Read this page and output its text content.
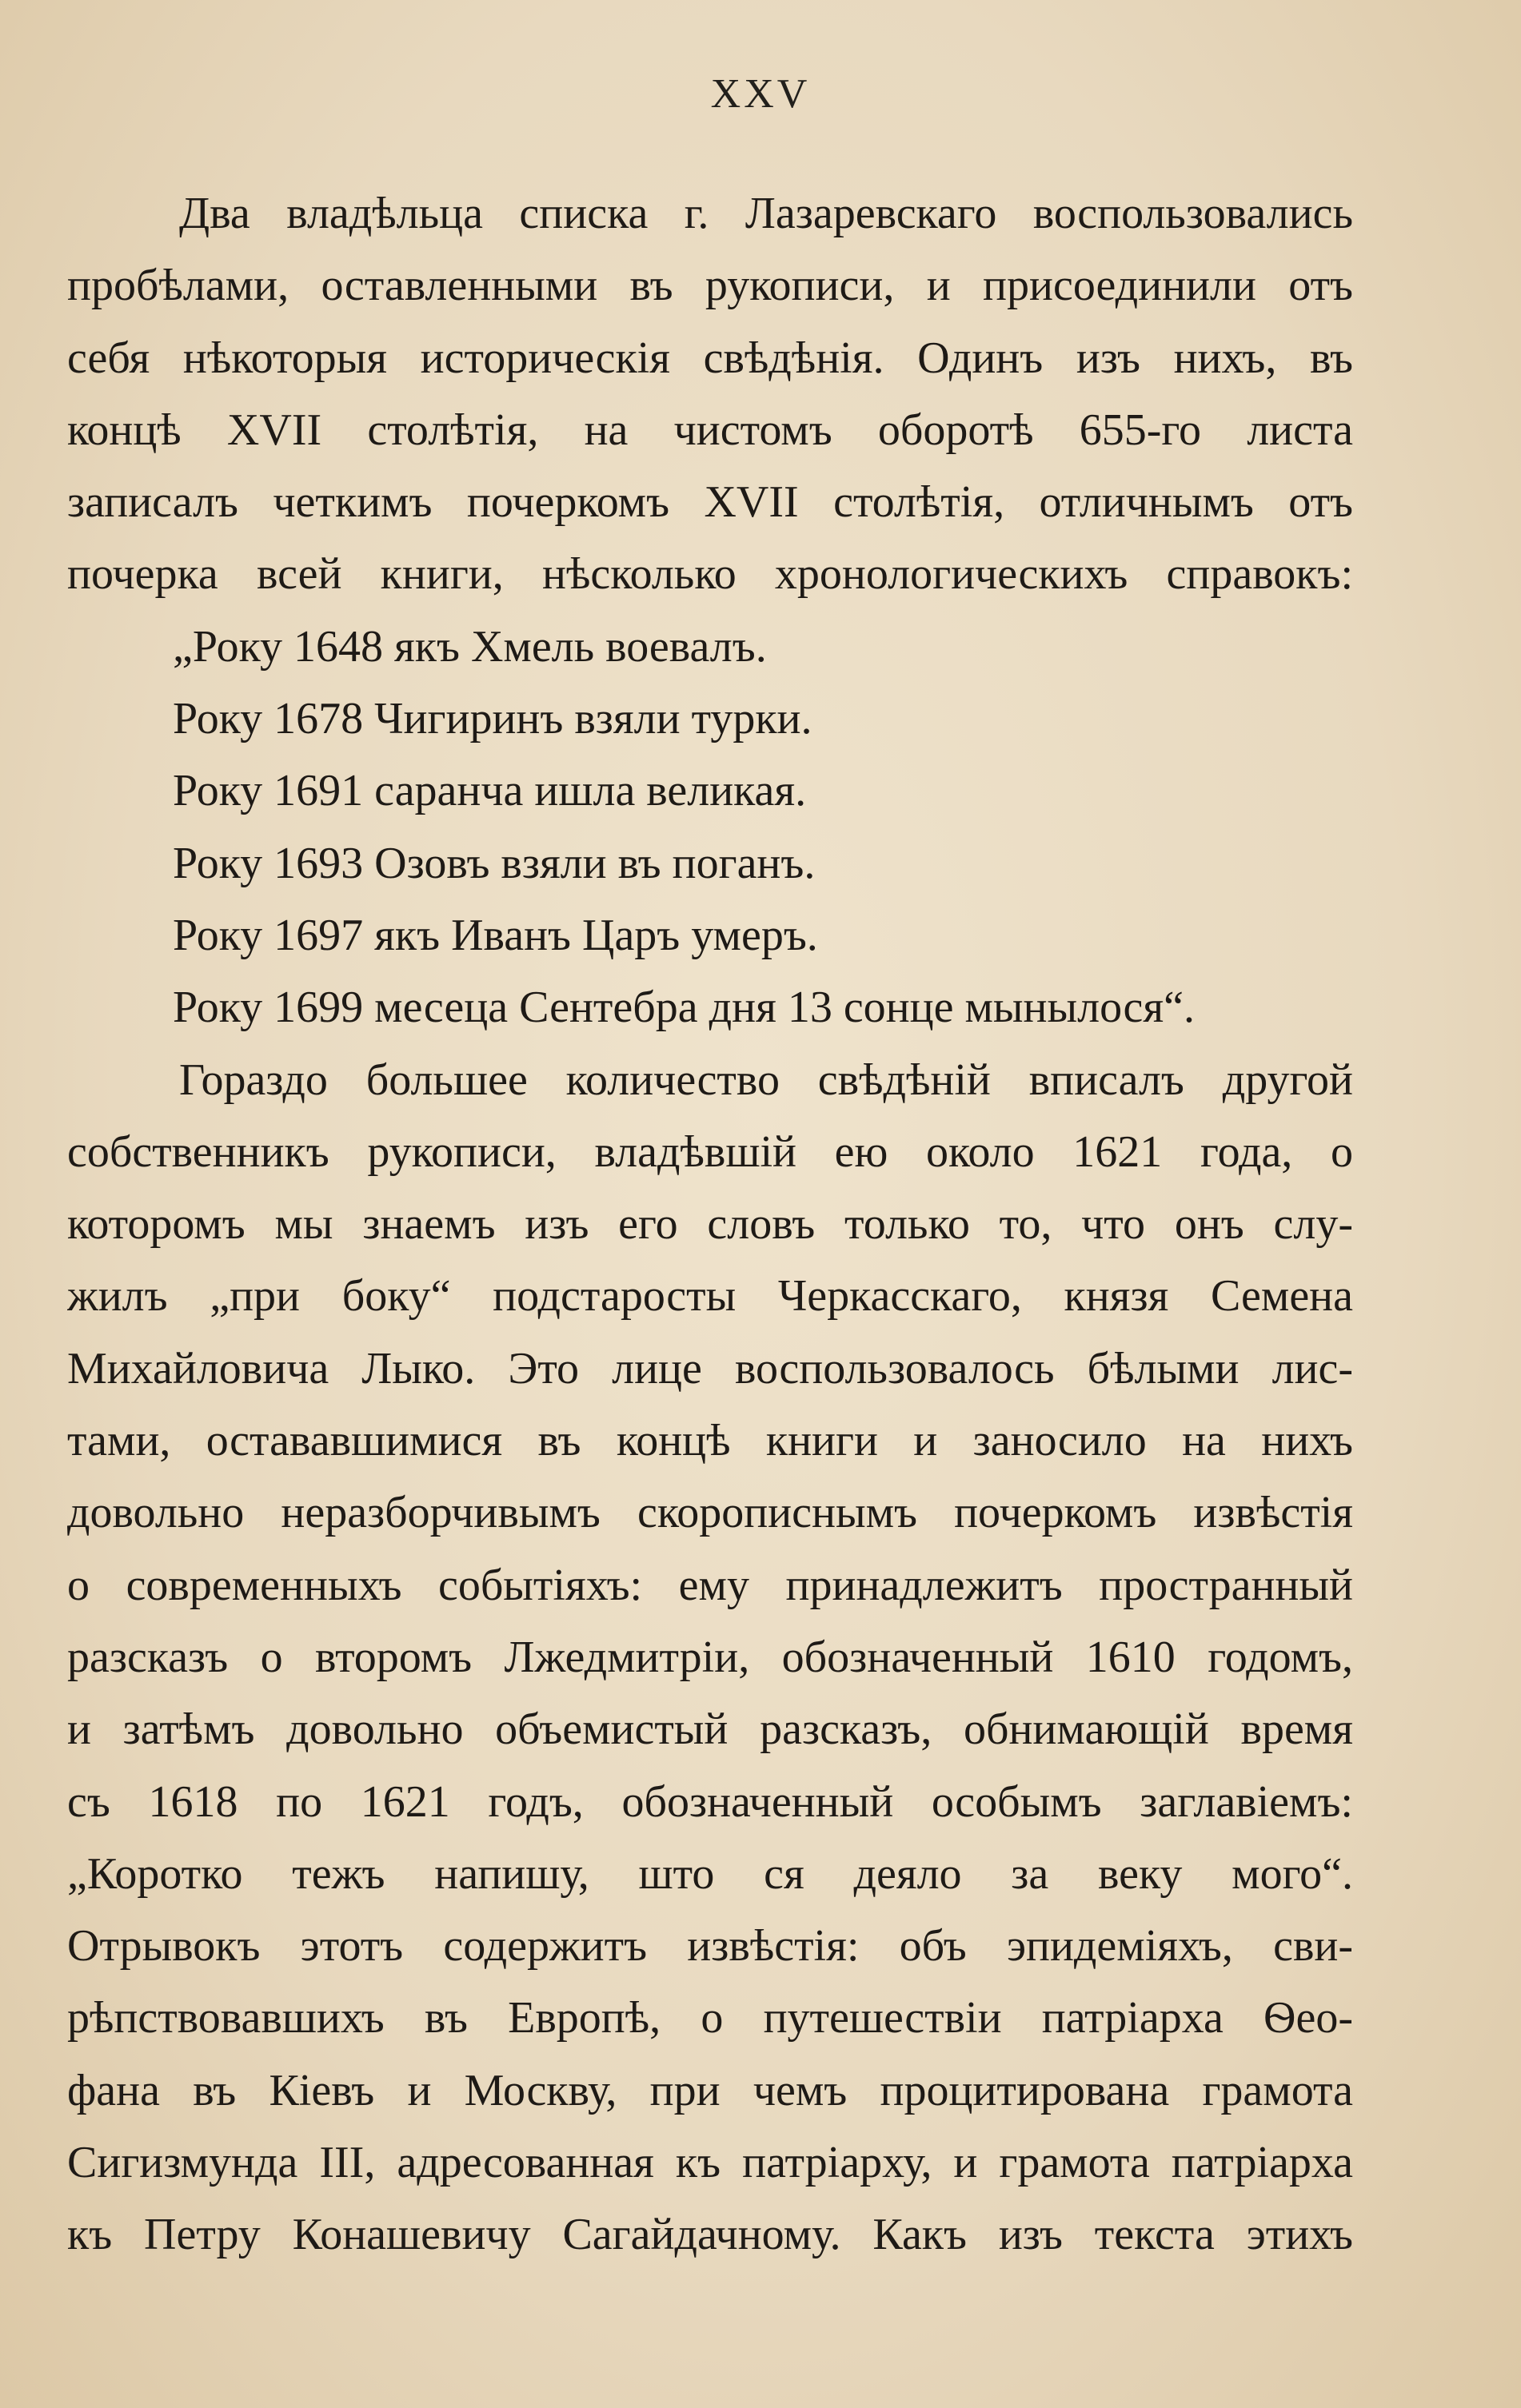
XXV
Два владѣльца списка г. Лазаревскаго воспользовались
пробѣлами, оставленными въ рукописи, и присоединили отъ
себя нѣкоторыя историческія свѣдѣнія. Одинъ изъ нихъ, въ
концѣ XVII столѣтія, на чистомъ оборотѣ 655-го листа
записалъ четкимъ почеркомъ XVII столѣтія, отличнымъ отъ
почерка всей книги, нѣсколько хронологическихъ справокъ:
„Року 1648 якъ Хмель воевалъ.
Року 1678 Чигиринъ взяли турки.
Року 1691 саранча ишла великая.
Року 1693 Озовъ взяли въ поганъ.
Року 1697 якъ Иванъ Царъ умеръ.
Року 1699 месеца Сентебра дня 13 сонце мынылося“.
Гораздо большее количество свѣдѣній вписалъ другой
собственникъ рукописи, владѣвшій ею около 1621 года, о
которомъ мы знаемъ изъ его словъ только то, что онъ слу-
жилъ „при боку“ подстаросты Черкасскаго, князя Семена
Михайловича Лыко. Это лице воспользовалось бѣлыми лис-
тами, остававшимися въ концѣ книги и заносило на нихъ
довольно неразборчивымъ скорописнымъ почеркомъ извѣстія
о современныхъ событіяхъ: ему принадлежитъ пространный
разсказъ о второмъ Лжедмитріи, обозначенный 1610 годомъ,
и затѣмъ довольно объемистый разсказъ, обнимающій время
съ 1618 по 1621 годъ, обозначенный особымъ заглавіемъ:
„Коротко тежъ напишу, што ся деяло за веку мого“.
Отрывокъ этотъ содержитъ извѣстія: объ эпидеміяхъ, сви-
рѣпствовавшихъ въ Европѣ, о путешествіи патріарха Ѳео-
фана въ Кіевъ и Москву, при чемъ процитирована грамота
Сигизмунда III, адресованная къ патріарху, и грамота патріарха
къ Петру Конашевичу Сагайдачному. Какъ изъ текста этихъ
